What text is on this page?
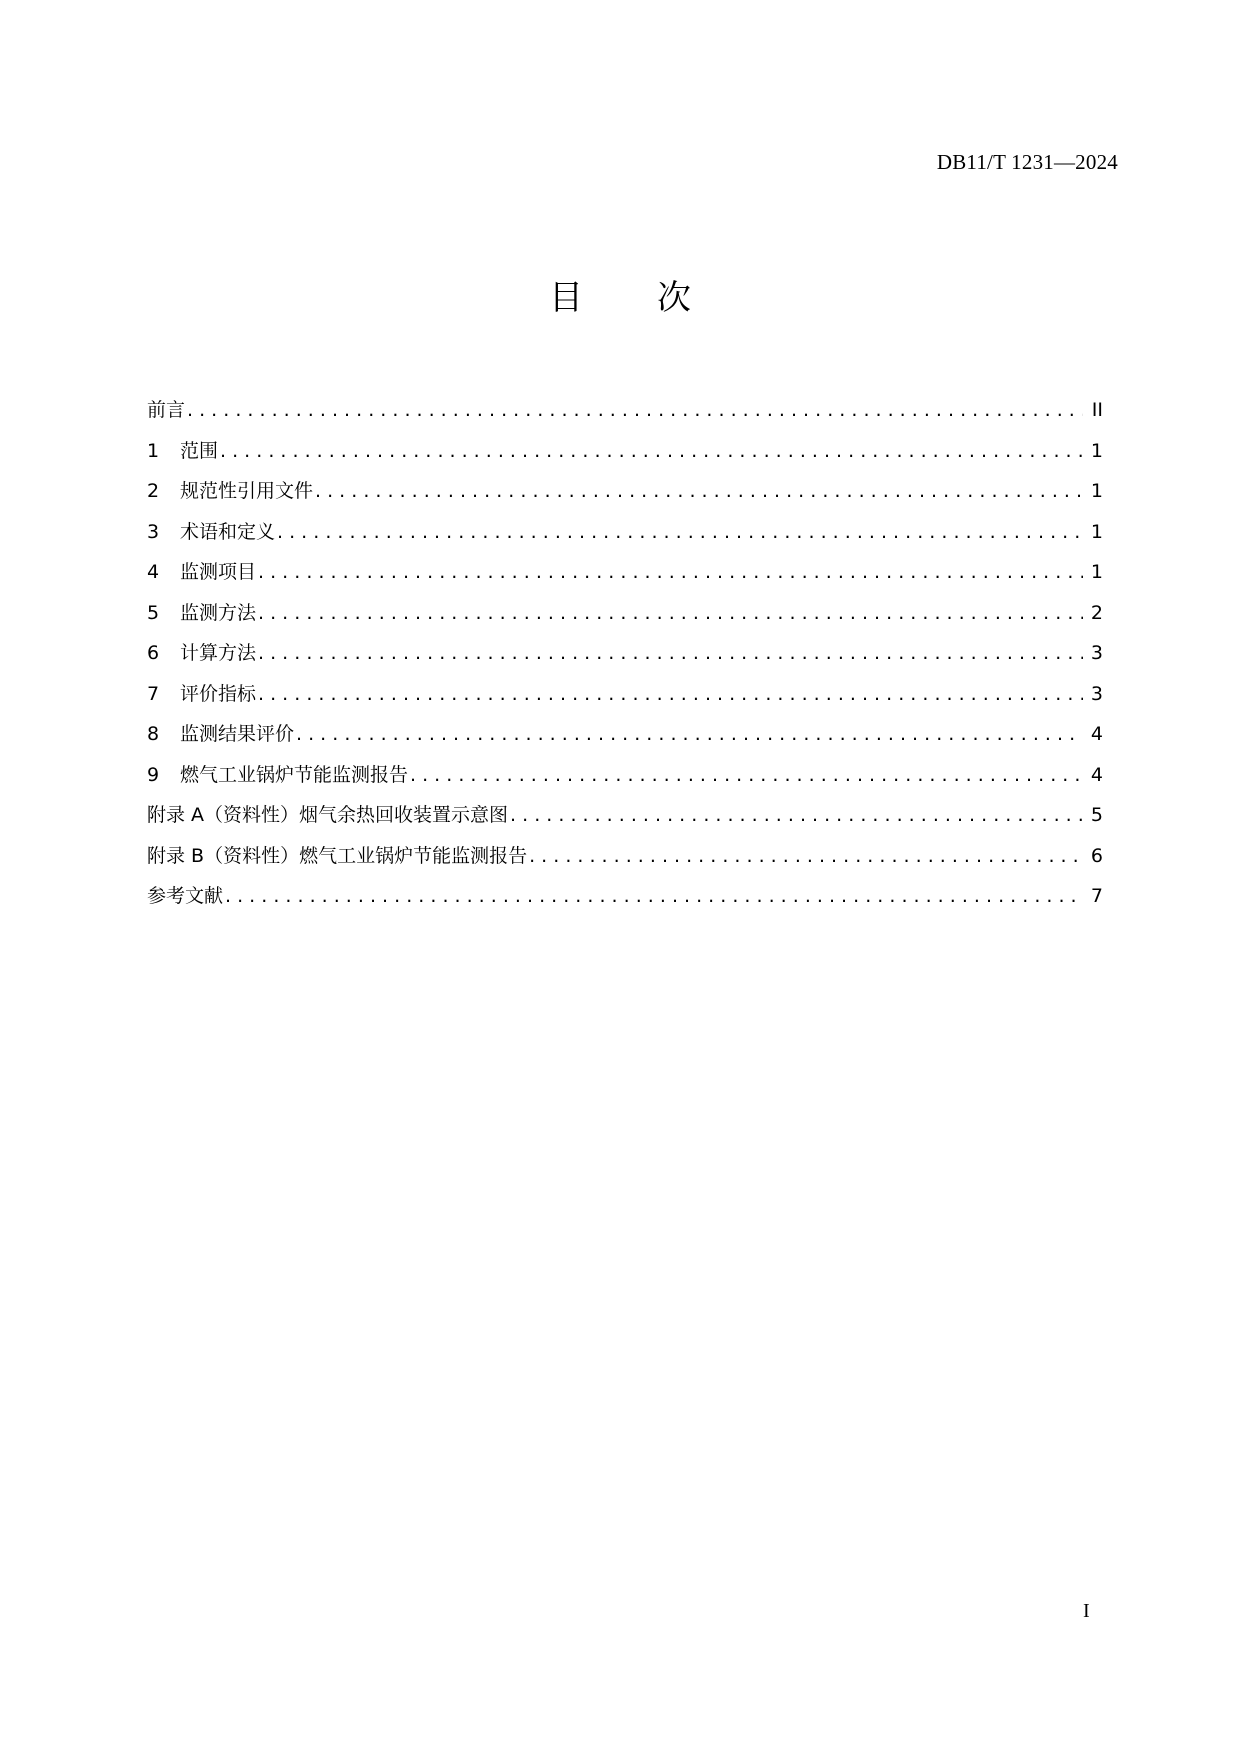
DB11/T 1231—2024
目 次
前言 . . .	II
1	范围 . . .	1
2	规范性引用文件 . . .	1
3	术语和定义 . . .	1
4	监测项目 . . .	1
5	监测方法 . . .	2
6	计算方法 . . .	3
7	评价指标 . . .	3
8	监测结果评价 . . .	4
9	燃气工业锅炉节能监测报告 . . .	4
附录 A（资料性）烟气余热回收装置示意图 . . .	5
附录 B（资料性）燃气工业锅炉节能监测报告 . . .	6
参考文献 . . .	7
I
